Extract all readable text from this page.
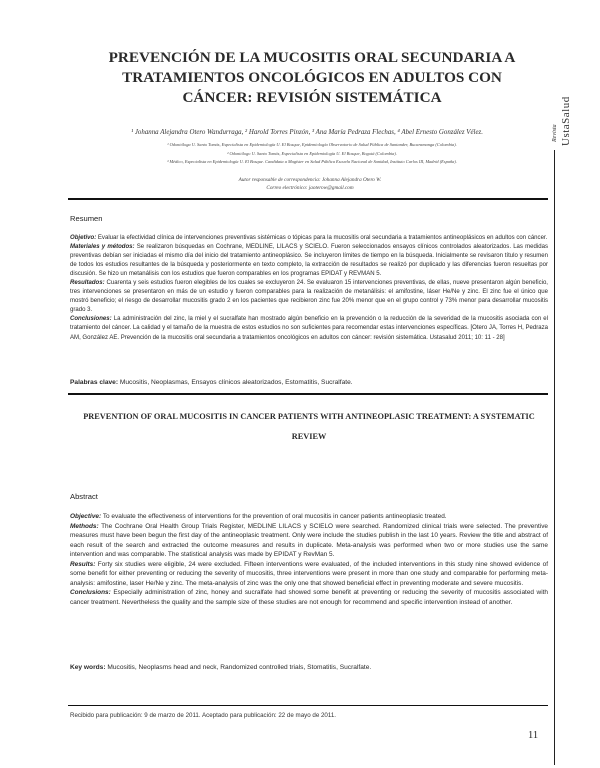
Revista UstaSalud
PREVENCIÓN DE LA MUCOSITIS ORAL SECUNDARIA A TRATAMIENTOS ONCOLÓGICOS EN ADULTOS CON CÁNCER: REVISIÓN SISTEMÁTICA
¹ Johanna Alejandra Otero Wandurraga, ² Harold Torres Pinzón, ³ Ana María Pedraza Flechas, ⁴ Abel Ernesto González Vélez.
¹ Odontóloga U. Santo Tomás, Especialista en Epidemiología U. El Bosque, Epidemiología Observatorio de Salud Pública de Santander, Bucaramanga (Colombia).
² Odontólogo U. Santo Tomás, Especialista en Epidemiología U. El Bosque, Bogotá (Colombia).
³ Médico, Especialista en Epidemiología U. El Bosque. Candidata a Magíster en Salud Pública Escuela Nacional de Sanidad, Instituto Carlos III, Madrid (España).
Autor responsable de correspondencia: Johanna Alejandra Otero W.
Correo electrónico: jaoterow@gmail.com
Resumen

Objetivo: Evaluar la efectividad clínica de intervenciones preventivas sistémicas o tópicas para la mucositis oral secundaria a tratamientos antineoplásicos en adultos con cáncer.

Materiales y métodos: Se realizaron búsquedas en Cochrane, MEDLINE, LILACS y SCIELO. Fueron seleccionados ensayos clínicos controlados aleatorizados. Las medidas preventivas debían ser iniciadas el mismo día del inicio del tratamiento antineoplásico. Se incluyeron límites de tiempo en la búsqueda. Inicialmente se revisaron título y resumen de todos los estudios resultantes de la búsqueda y posteriormente en texto completo, la extracción de resultados se realizó por duplicado y las diferencias fueron resueltas por discusión. Se hizo un metanálisis con los estudios que fueron comparables en los programas EPIDAT y REVMAN 5.

Resultados: Cuarenta y seis estudios fueron elegibles de los cuales se excluyeron 24. Se evaluaron 15 intervenciones preventivas, de ellas, nueve presentaron algún beneficio, tres intervenciones se presentaron en más de un estudio y fueron comparables para la realización de metanálisis: el amifostine, láser He/Ne y zinc. El zinc fue el único que mostró beneficio; el riesgo de desarrollar mucositis grado 2 en los pacientes que recibieron zinc fue 20% menor que en el grupo control y 73% menor para desarrollar mucositis grado 3.

Conclusiones: La administración del zinc, la miel y el sucralfate han mostrado algún beneficio en la prevención o la reducción de la severidad de la mucositis asociada con el tratamiento del cáncer. La calidad y el tamaño de la muestra de estos estudios no son suficientes para recomendar estas intervenciones específicas. [Otero JA, Torres H, Pedraza AM, González AE. Prevención de la mucositis oral secundaria a tratamientos oncológicos en adultos con cáncer: revisión sistemática. Ustasalud 2011; 10: 11 - 28]

Palabras clave: Mucositis, Neoplasmas, Ensayos clínicos aleatorizados, Estomatitis, Sucralfate.
PREVENTION OF ORAL MUCOSITIS IN CANCER PATIENTS WITH ANTINEOPLASIC TREATMENT: A SYSTEMATIC REVIEW
Abstract

Objective: To evaluate the effectiveness of interventions for the prevention of oral mucositis in cancer patients antineoplasic treated.

Methods: The Cochrane Oral Health Group Trials Register, MEDLINE LILACS y SCIELO were searched. Randomized clinical trials were selected. The preventive measures must have been begun the first day of the antineoplasic treatment. Only were include the studies publish in the last 10 years. Review the title and abstract of each result of the search and extracted the outcome measures and results in duplicate. Meta-analysis was performed when two or more studies use the same intervention and was comparable. The statistical analysis was made by EPIDAT y RevMan 5.

Results: Forty six studies were eligible, 24 were excluded. Fifteen interventions were evaluated, of the included interventions in this study nine showed evidence of some benefit for either preventing or reducing the severity of mucositis, three interventions were present in more than one study and comparable for performing meta-analysis: amifostine, laser He/Ne y zinc. The meta-analysis of zinc was the only one that showed beneficial effect in preventing moderate and severe mucositis.

Conclusions: Especially administration of zinc, honey and sucralfate had showed some benefit at preventing or reducing the severity of mucositis associated with cancer treatment. Nevertheless the quality and the sample size of these studies are not enough for recommend and specific intervention instead of another.

Key words: Mucositis, Neoplasms head and neck, Randomized controlled trials, Stomatitis, Sucralfate.
Recibido para publicación: 9 de marzo de 2011. Aceptado para publicación: 22 de mayo de 2011.
11
